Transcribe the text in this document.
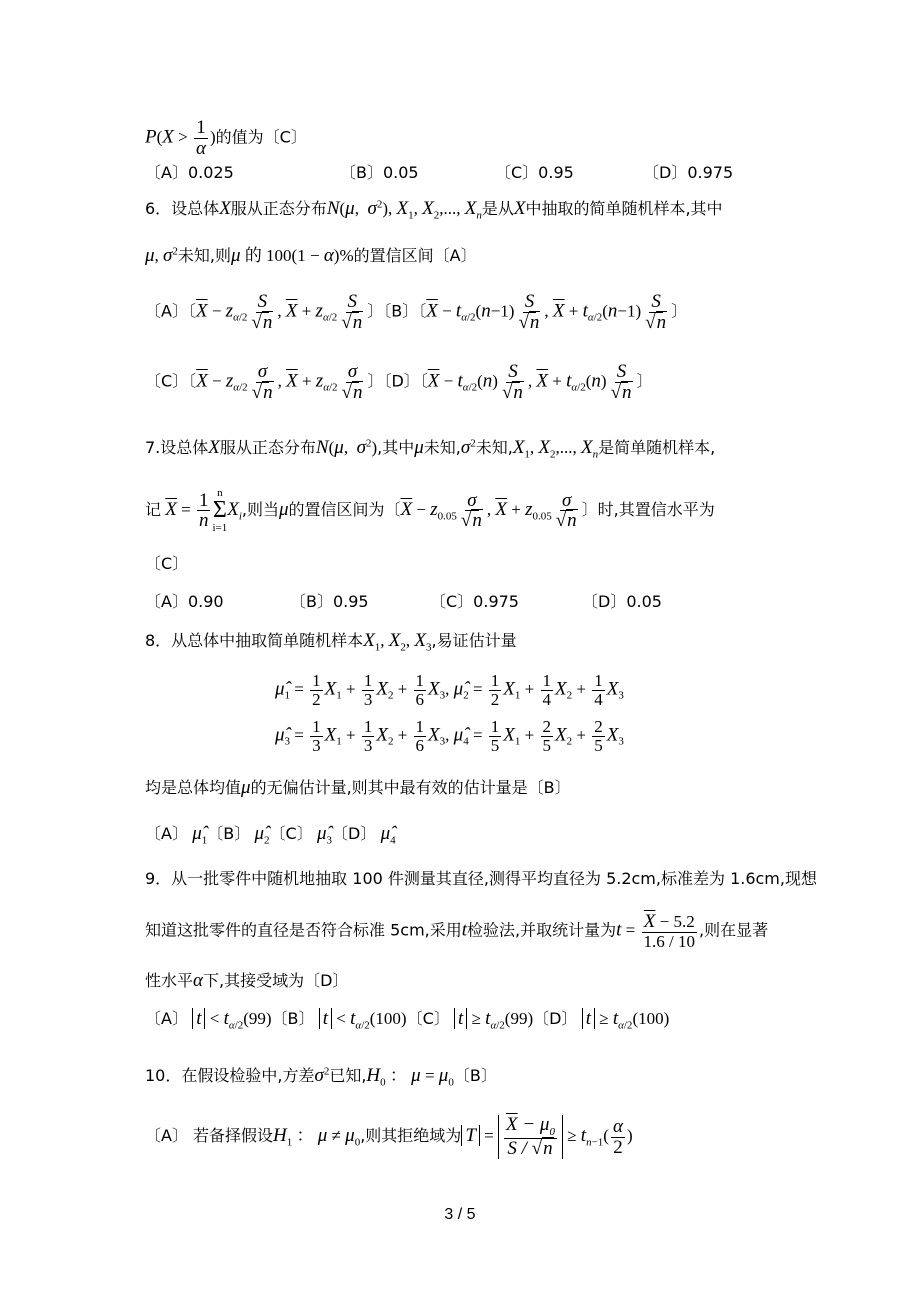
$P(X > \frac{1}{\alpha}$ )的值为〔C〕
〔A〕0.025	〔B〕0.05	〔C〕0.95	〔D〕0.975
6．设总体X服从正态分布N(μ,  $\sigma^2$), $X_1$, $X_2$,..., $X_n$是从X中抽取的简单随机样本,其中
μ, $\sigma^2$未知,则μ 的 100(1 − α)%的置信区间〔A〕
〔A〕〔$\overline{X} - z_{\alpha/2} \frac{S}{√n}$ , $\overline{X} + z_{\alpha/2} \frac{S}{√n}$ 〕〔B〕〔$\overline{X} - t_{\alpha/2}(n-1) \frac{S}{√n}$ , $\overline{X} + t_{\alpha/2}(n-1) \frac{S}{√n}$ 〕
〔C〕〔$\overline{X} - z_{\alpha/2} \frac{\sigma}{√n}$ , $\overline{X} + z_{\alpha/2} \frac{\sigma}{√n}$ 〕〔D〕〔$\overline{X} - t_{\alpha/2}(n) \frac{S}{√n}$ , $\overline{X} + t_{\alpha/2}(n) \frac{S}{√n}$ 〕
7.设总体X服从正态分布N(μ,  $\sigma^2$),其中μ未知$,\sigma^2$未知$,X_1$, $X_2$,..., $X_n$是简单随机样本,
记 $\overline{X} = \frac{1}{n}$ n
Σ
i=1
$X_i$,则当μ的置信区间为〔$\overline{X} - z_{0.05} \frac{\sigma}{√n}$ , $\overline{X} + z_{0.05} \frac{\sigma}{√n}$ 〕时,其置信水平为
〔C〕
〔A〕0.90	〔B〕0.95	〔C〕0.975	〔D〕0.05
8．从总体中抽取简单随机样本$X_1$, $X_2$, $X_3$,易证估计量
$\mû_1 = \frac{1}{2} X_1 + \frac{1}{3} X_2 + \frac{1}{6} X_3$, $\mû_2 = \frac{1}{2} X_1 + \frac{1}{4} X_2 + \frac{1}{4} X_3$
$\mû_3 = \frac{1}{3} X_1 + \frac{1}{3} X_2 + \frac{1}{6} X_3$, $\mû_4 = \frac{1}{5} X_1 + \frac{2}{5} X_2 + \frac{2}{5} X_3$
均是总体均值μ的无偏估计量,则其中最有效的估计量是〔B〕
〔A〕 $\mû_1$〔B〕 $\mû_2$〔C〕 $\mû_3$〔D〕 $\mû_4$
9．从一批零件中随机地抽取 100 件测量其直径,测得平均直径为 5.2cm,标准差为 1.6cm,现想
知道这批零件的直径是否符合标准 5cm,采用t检验法,并取统计量为$t = \frac{\overline{X} - 5.2}{1.6 / 10}$ ,则在显著
性水平α下,其接受域为〔D〕
〔A〕 $t < t_{\alpha/2}(99)$〔B〕 $t < t_{\alpha/2}(100)$〔C〕 $t \ge t_{\alpha/2}(99)$〔D〕 $t \ge t_{\alpha/2}(100)$
10．在假设检验中,方差$\sigma^2$已知$,H_0$ ： $\mu = \mu_0$〔B〕
〔A〕 若备择假设$H_1$ ： $\mu \ne \mu_0$,则其拒绝域为 $T = \frac{\overline{X} - \mu_0}{S / √n} \ge t_{n-1}( \frac{\alpha}{2}$ )
3 / 5
